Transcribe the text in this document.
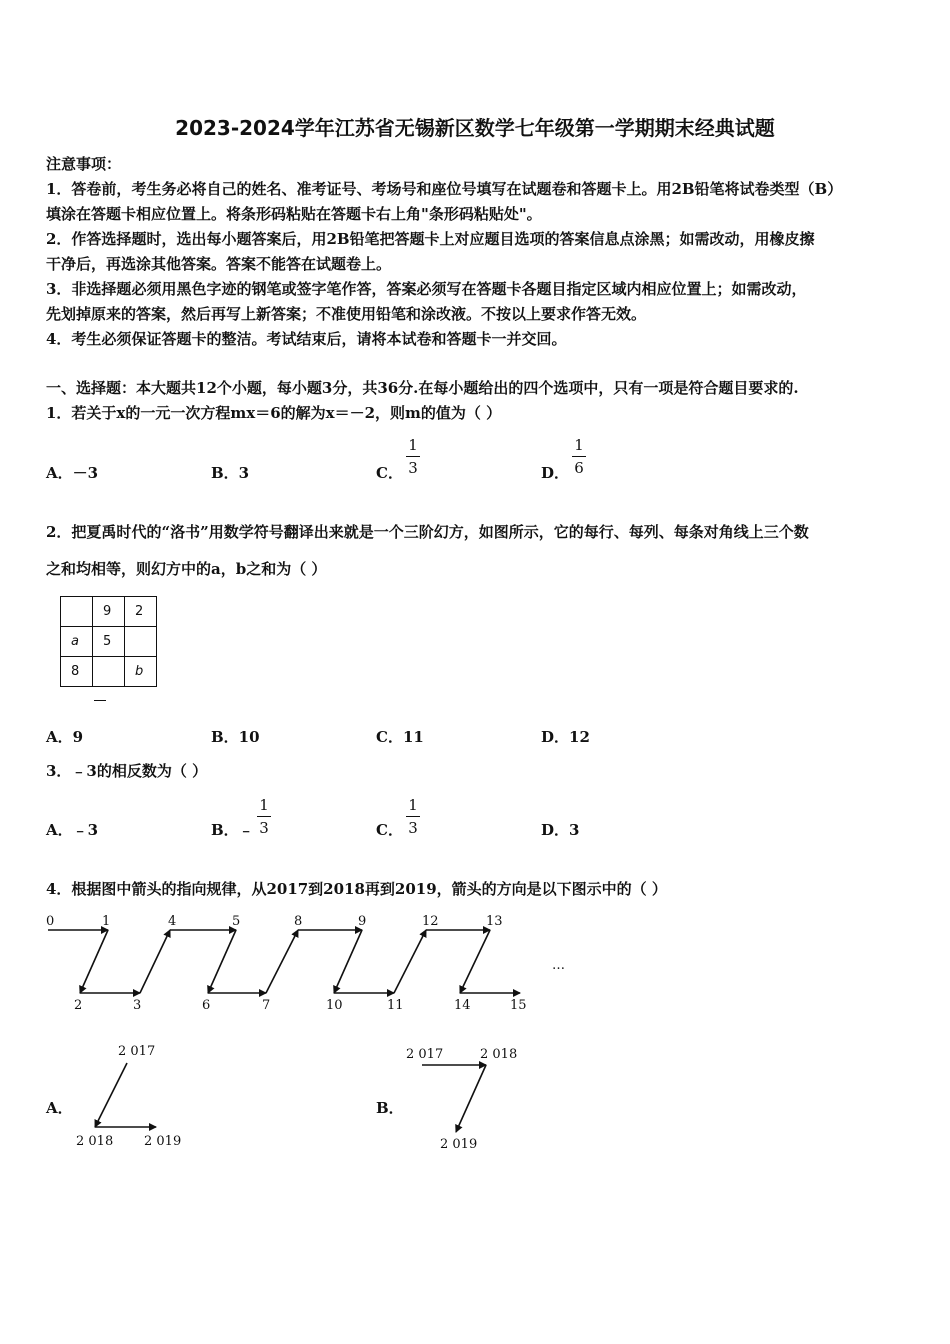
2023-2024学年江苏省无锡新区数学七年级第一学期期末经典试题
注意事项：
1．答卷前，考生务必将自己的姓名、准考证号、考场号和座位号填写在试题卷和答题卡上。用2B铅笔将试卷类型（B）
填涂在答题卡相应位置上。将条形码粘贴在答题卡右上角"条形码粘贴处"。
2．作答选择题时，选出每小题答案后，用2B铅笔把答题卡上对应题目选项的答案信息点涂黑；如需改动，用橡皮擦
干净后，再选涂其他答案。答案不能答在试题卷上。
3．非选择题必须用黑色字迹的钢笔或签字笔作答，答案必须写在答题卡各题目指定区域内相应位置上；如需改动，
先划掉原来的答案，然后再写上新答案；不准使用铅笔和涂改液。不按以上要求作答无效。
4．考生必须保证答题卡的整洁。考试结束后，请将本试卷和答题卡一并交回。
一、选择题：本大题共12个小题，每小题3分，共36分.在每小题给出的四个选项中，只有一项是符合题目要求的.
1．若关于x的一元一次方程mx＝6的解为x＝－2，则m的值为（ ）
A．－3	B．3	C．
1
3	D．
1
6
2．把夏禹时代的“洛书”用数学符号翻译出来就是一个三阶幻方，如图所示，它的每行、每列、每条对角线上三个数
之和均相等，则幻方中的a，b之和为（ ）
	9	2
a	5	
8		b
A．9	B．10	C．11	D．12
3．﹣3的相反数为（ ）
A．﹣3	B．﹣
1
3	C．
1
3	D．3
4．根据图中箭头的指向规律，从2017到2018再到2019，箭头的方向是以下图示中的（ ）
0	1	4	5	8	9	12	13
2	3	6	7	10	11	14	15
…
A．
2 017
2 018 2 019
B．
2 017	2 018
2 019
